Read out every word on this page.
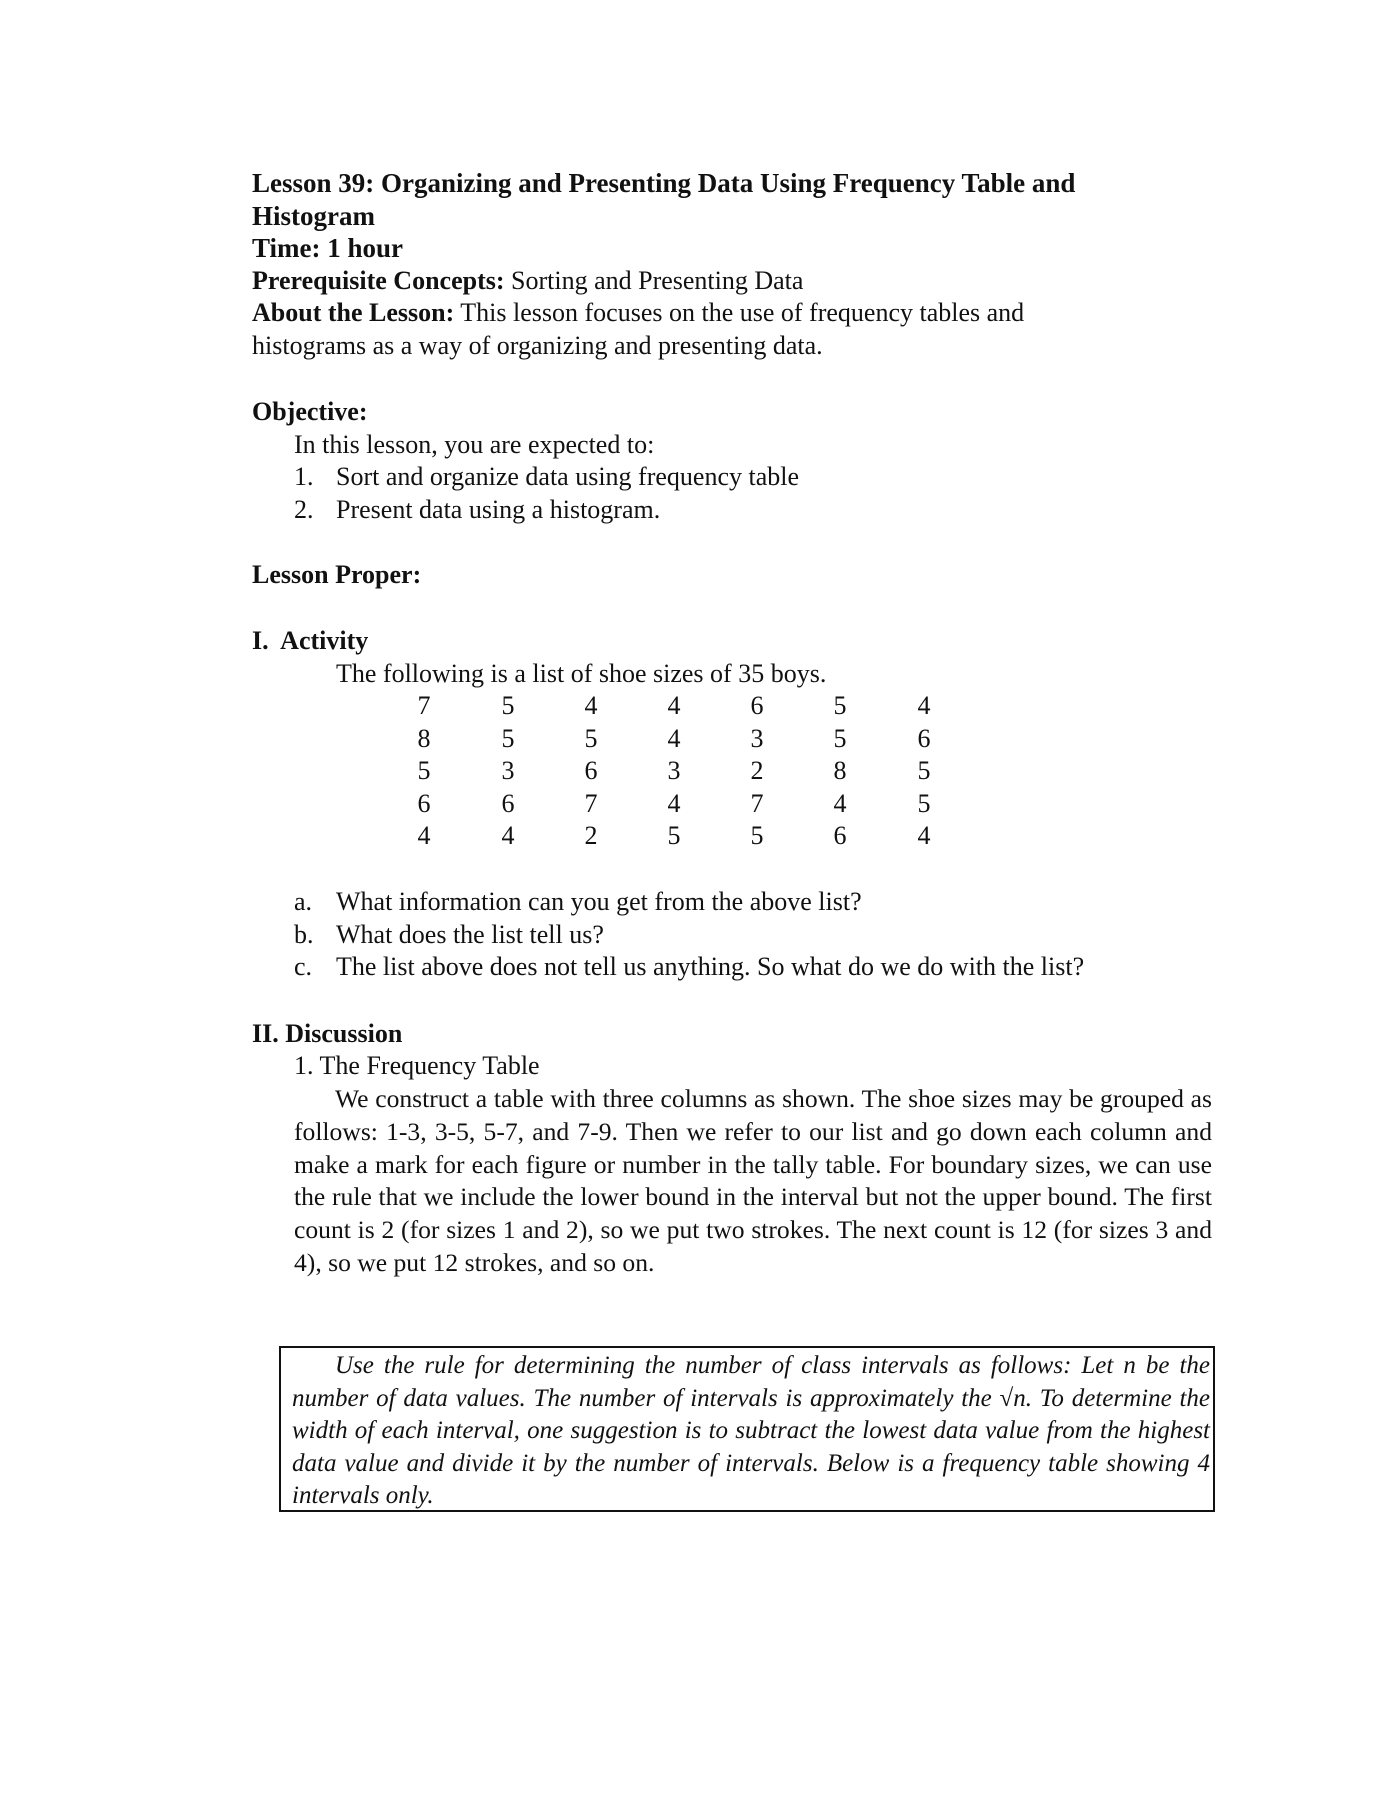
Lesson 39: Organizing and Presenting Data Using Frequency Table and
Histogram
Time: 1 hour
Prerequisite Concepts: Sorting and Presenting Data
About the Lesson: This lesson focuses on the use of frequency tables and
histograms as a way of organizing and presenting data.
Objective:
In this lesson, you are expected to:
1. Sort and organize data using frequency table
2. Present data using a histogram.
Lesson Proper:
I.  Activity
The following is a list of shoe sizes of 35 boys.
7	5	4	4	6	5	4
8	5	5	4	3	5	6
5	3	6	3	2	8	5
6	6	7	4	7	4	5
4	4	2	5	5	6	4
a. What information can you get from the above list?
b. What does the list tell us?
c. The list above does not tell us anything. So what do we do with the list?
II. Discussion
1. The Frequency Table
We construct a table with three columns as shown. The shoe sizes may be grouped as follows: 1-3, 3-5, 5-7, and 7-9. Then we refer to our list and go down each column and make a mark for each figure or number in the tally table. For boundary sizes, we can use the rule that we include the lower bound in the interval but not the upper bound. The first count is 2 (for sizes 1 and 2), so we put two strokes. The next count is 12 (for sizes 3 and 4), so we put 12 strokes, and so on.
Use the rule for determining the number of class intervals as follows: Let n be the number of data values. The number of intervals is approximately the √n. To determine the width of each interval, one suggestion is to subtract the lowest data value from the highest data value and divide it by the number of intervals. Below is a frequency table showing 4 intervals only.
